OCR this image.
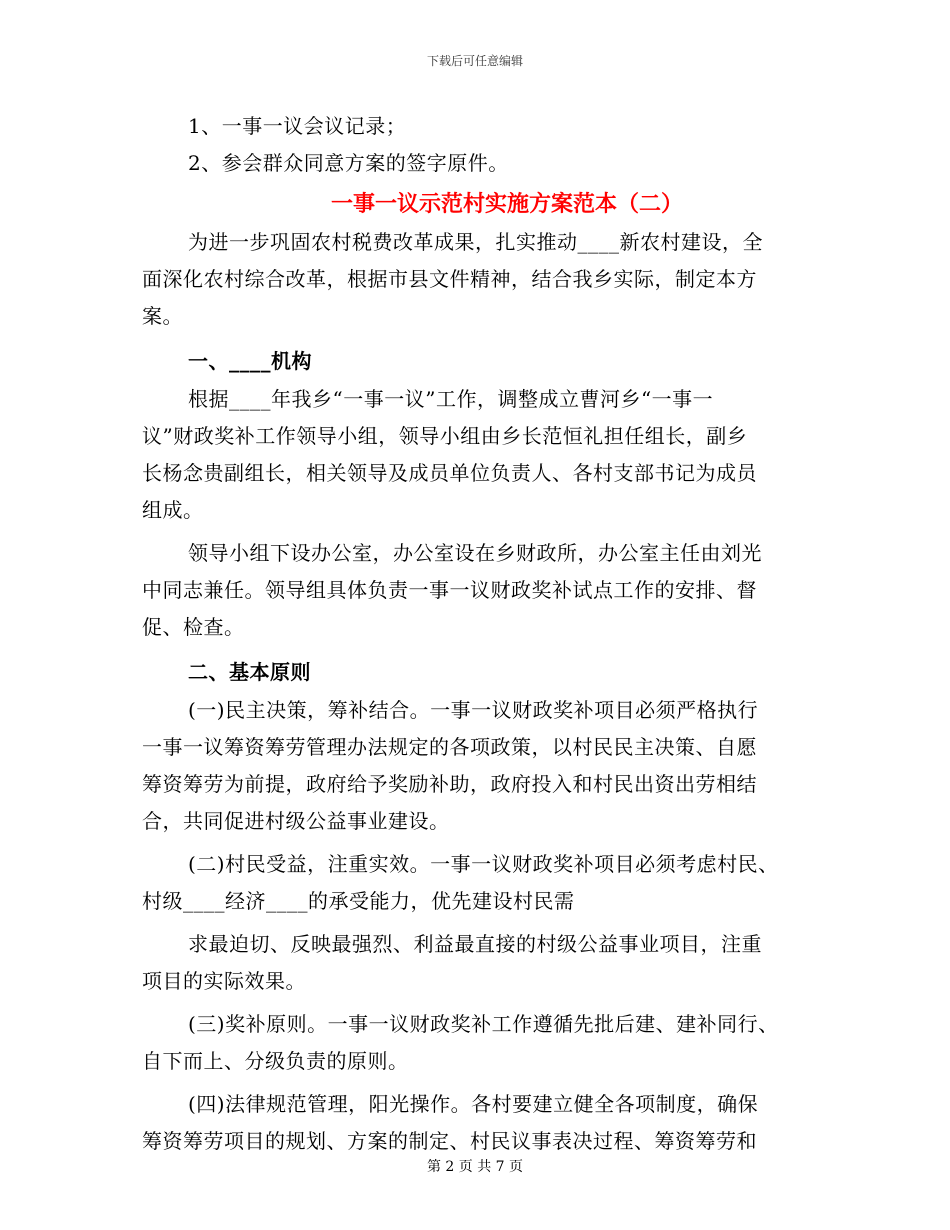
下载后可任意编辑
1、一事一议会议记录；
2、参会群众同意方案的签字原件。
一事一议示范村实施方案范本（二）
为进一步巩固农村税费改革成果，扎实推动____新农村建设，全
面深化农村综合改革，根据市县文件精神，结合我乡实际，制定本方
案。
一、____机构
根据____年我乡“一事一议”工作，调整成立曹河乡“一事一
议”财政奖补工作领导小组，领导小组由乡长范恒礼担任组长，副乡
长杨念贵副组长，相关领导及成员单位负责人、各村支部书记为成员
组成。
领导小组下设办公室，办公室设在乡财政所，办公室主任由刘光
中同志兼任。领导组具体负责一事一议财政奖补试点工作的安排、督
促、检查。
二、基本原则
(一)民主决策，筹补结合。一事一议财政奖补项目必须严格执行
一事一议筹资筹劳管理办法规定的各项政策，以村民民主决策、自愿
筹资筹劳为前提，政府给予奖励补助，政府投入和村民出资出劳相结
合，共同促进村级公益事业建设。
(二)村民受益，注重实效。一事一议财政奖补项目必须考虑村民、
村级____经济____的承受能力，优先建设村民需
求最迫切、反映最强烈、利益最直接的村级公益事业项目，注重
项目的实际效果。
(三)奖补原则。一事一议财政奖补工作遵循先批后建、建补同行、
自下而上、分级负责的原则。
(四)法律规范管理，阳光操作。各村要建立健全各项制度，确保
筹资筹劳项目的规划、方案的制定、村民议事表决过程、筹资筹劳和
第 2 页 共 7 页
